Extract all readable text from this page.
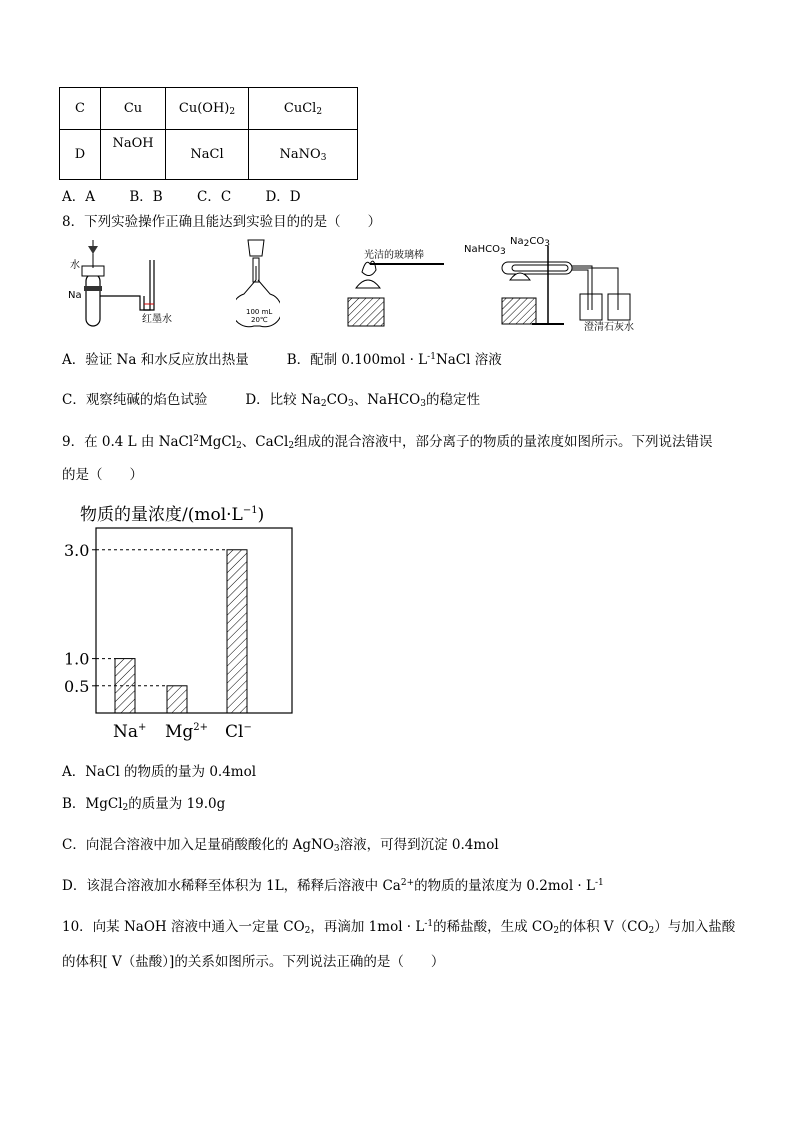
C	Cu	$Cu(OH)_2$	CuCl$_2$
D	NaOH	NaCl	NaNO$_3$
A．A        B．B        C．C        D．D
8．下列实验操作正确且能达到实验目的的是（　　）
水
Na
红墨水
100 mL
20℃
光洁的玻璃棒
NaHCO$_3$
$Na_2CO_3$
澄清石灰水
A．验证 Na 和水反应放出热量	B．配制 $0.100mol \cdot L^{-1}NaCl$ 溶液
C．观察纯碱的焰色试验	D．比较 $Na_2CO_3$、NaHCO$_3$的稳定性
9．在 0.4 L 由 NaCl$^2$MgCl$_2$、CaCl$_2$组成的混合溶液中，部分离子的物质的量浓度如图所示。下列说法错误
的是（　　）
物质的量浓度$/(mol\cdot L^{-1})$
3.0
1.0
0.5
Na+ $Mg^{2+}$ Cl−
A．NaCl 的物质的量为 0.4mol
B．MgCl$_2$的质量为 19.0g
C．向混合溶液中加入足量硝酸酸化的 AgNO$_3$溶液，可得到沉淀 0.4mol
D．该混合溶液加水稀释至体积为 1L，稀释后溶液中 $Ca^{2+}$的物质的量浓度为 $0.2mol \cdot L^{-1}$
10．向某 NaOH 溶液中通入一定量 $CO_2$，再滴加 $1mol \cdot L^{-1}$的稀盐酸，生成 $CO_2$的体积 $V(CO_2)$与加入盐酸
的体积[ V（盐酸）]的关系如图所示。下列说法正确的是（　　）
